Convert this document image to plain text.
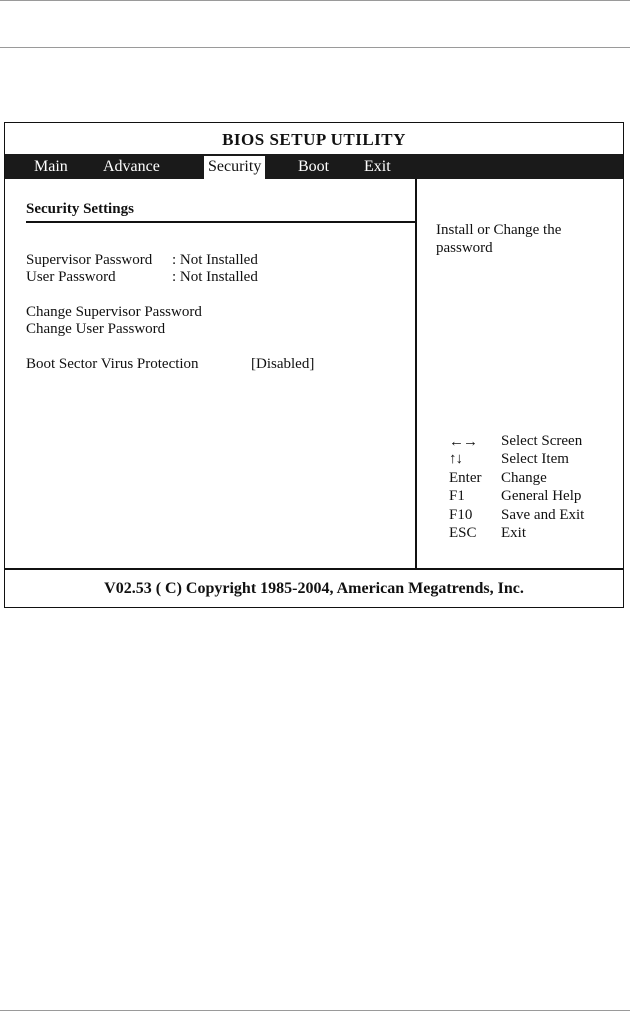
BIOS SETUP UTILITY
Main Advance	Security Boot Exit
Security Settings
Supervisor Password : Not Installed
User Password	: Not Installed
Change Supervisor Password
Change User Password
Boot Sector Virus Protection	[Disabled]
Install or Change the password
←→ Select Screen
↑↓	Select Item
Enter Change
F1 General Help
F10 Save and Exit
ESC Exit
V02.53 ( C) Copyright 1985-2004, American Megatrends, Inc.
